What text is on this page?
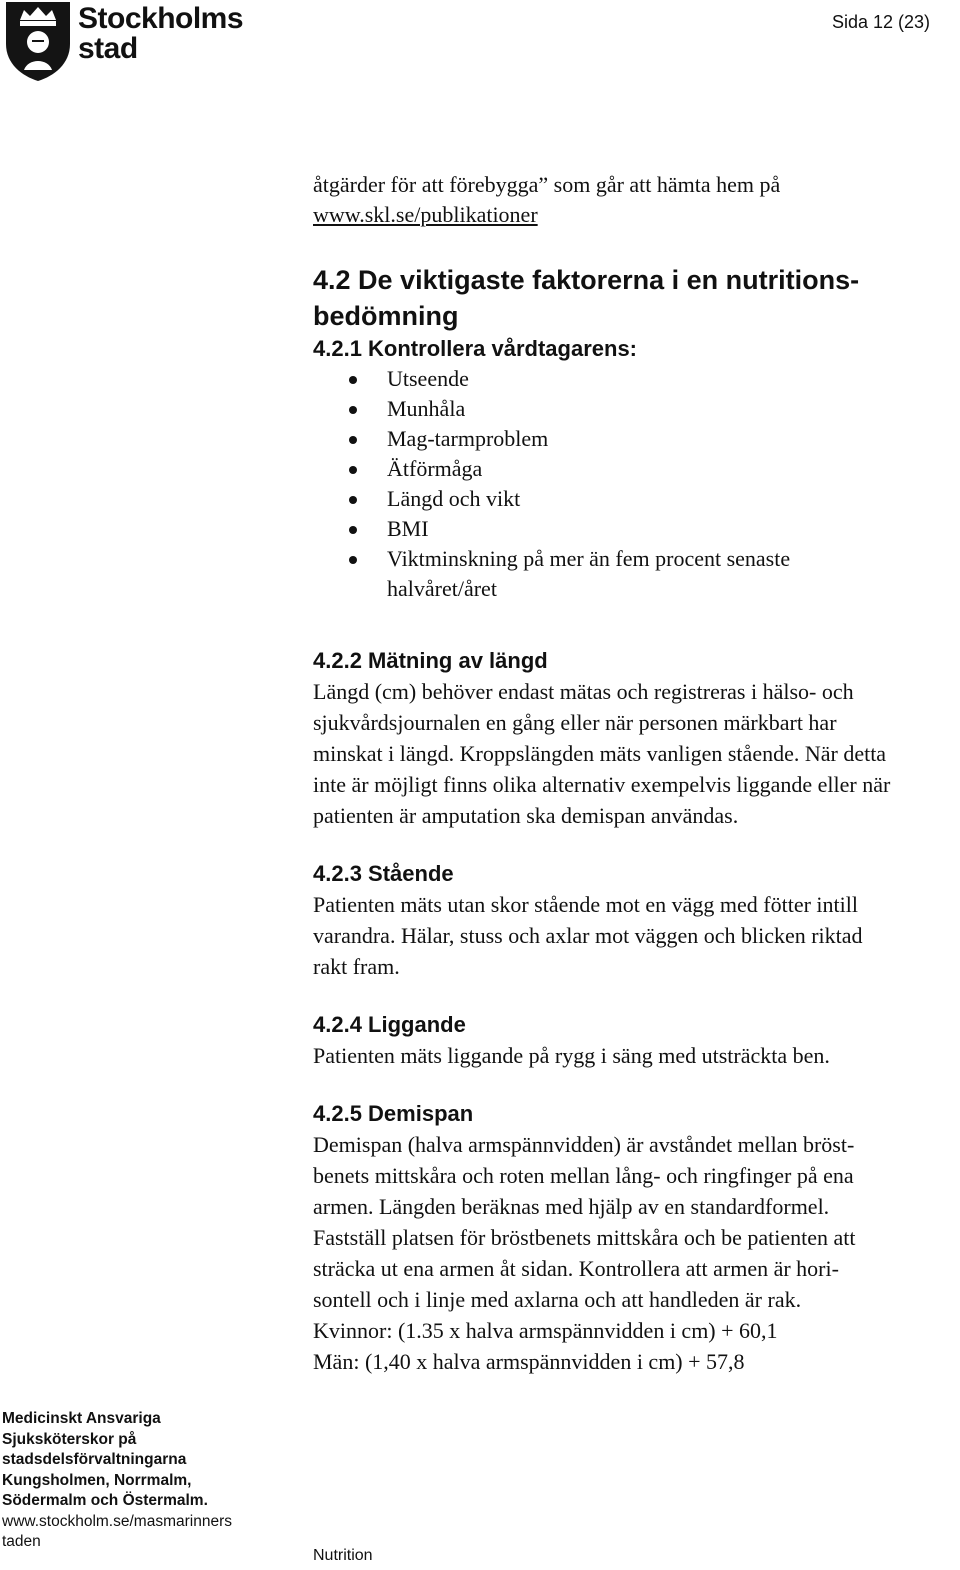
Stockholms
stad
Sida 12 (23)

åtgärder för att förebygga” som går att hämta hem på

www.skl.se/publikationer

4.2 De viktigaste faktorerna i en nutritions-

bedömning

4.2.1 Kontrollera vårdtagarens:

Utseende
Munhåla
Mag-tarmproblem
Ätförmåga
Längd och vikt
BMI
Viktminskning på mer än fem procent senaste
halvåret/året

4.2.2 Mätning av längd

Längd (cm) behöver endast mätas och registreras i hälso- och

sjukvårdsjournalen en gång eller när personen märkbart har

minskat i längd. Kroppslängden mäts vanligen stående. När detta

inte är möjligt finns olika alternativ exempelvis liggande eller när

patienten är amputation ska demispan användas.

4.2.3 Stående

Patienten mäts utan skor stående mot en vägg med fötter intill

varandra. Hälar, stuss och axlar mot väggen och blicken riktad

rakt fram.

4.2.4 Liggande

Patienten mäts liggande på rygg i säng med utsträckta ben.

4.2.5 Demispan

Demispan (halva armspännvidden) är avståndet mellan bröst-

benets mittskåra och roten mellan lång- och ringfinger på ena

armen. Längden beräknas med hjälp av en standardformel.

Fastställ platsen för bröstbenets mittskåra och be patienten att

sträcka ut ena armen åt sidan. Kontrollera att armen är hori-

sontell och i linje med axlarna och att handleden är rak.

Kvinnor: (1.35 x halva armspännvidden i cm) + 60,1

Män: (1,40 x halva armspännvidden i cm) + 57,8

Medicinskt Ansvariga
Sjuksköterskor på
stadsdelsförvaltningarna
Kungsholmen, Norrmalm,
Södermalm och Östermalm.
www.stockholm.se/masmarinners
taden
Nutrition
